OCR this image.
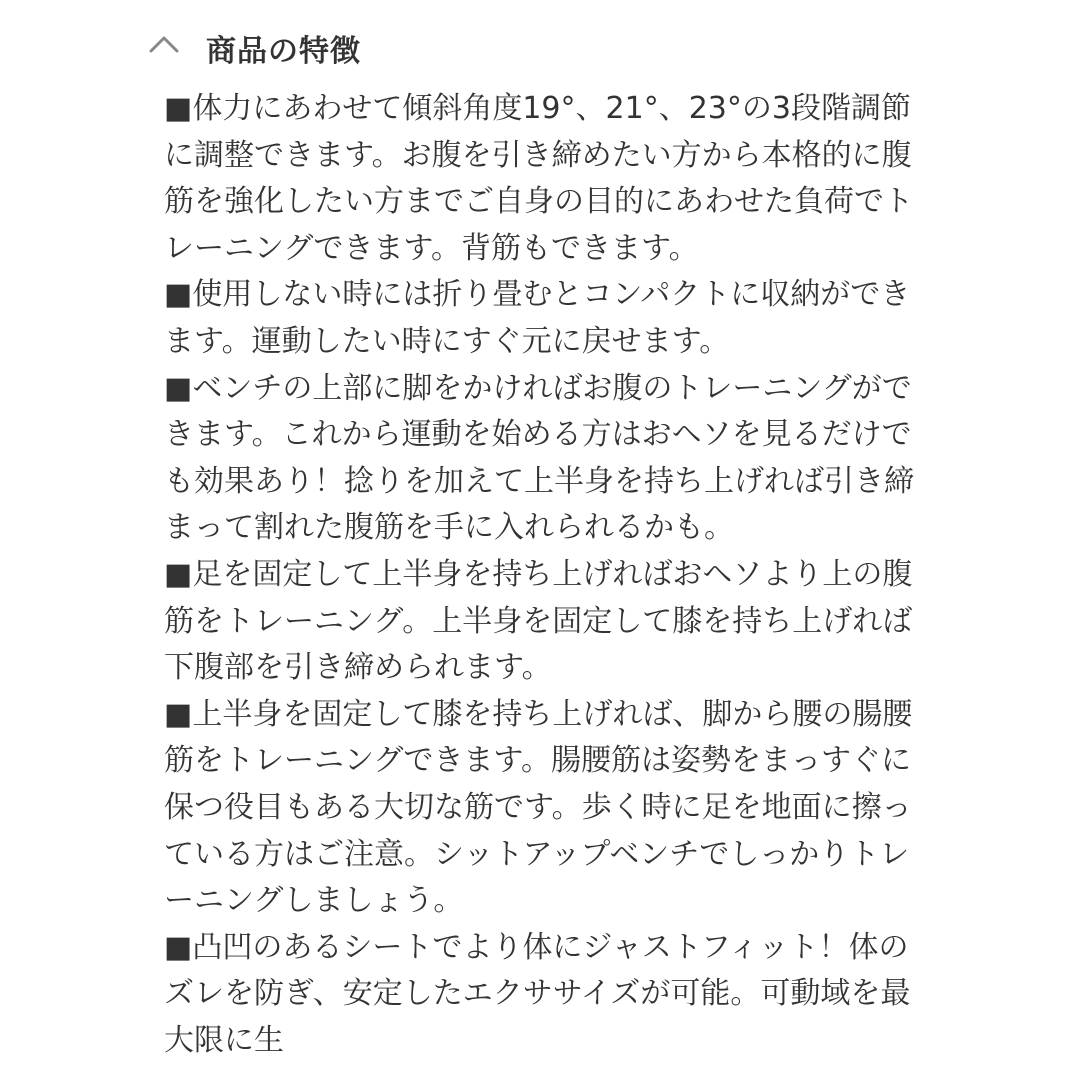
商品の特徴
■体力にあわせて傾斜角度19°、21°、23°の3段階調節に調整できます。お腹を引き締めたい方から本格的に腹筋を強化したい方までご自身の目的にあわせた負荷でトレーニングできます。背筋もできます。
■使用しない時には折り畳むとコンパクトに収納ができます。運動したい時にすぐ元に戻せます。
■ベンチの上部に脚をかければお腹のトレーニングができます。これから運動を始める方はおヘソを見るだけでも効果あり！捻りを加えて上半身を持ち上げれば引き締まって割れた腹筋を手に入れられるかも。
■足を固定して上半身を持ち上げればおヘソより上の腹筋をトレーニング。上半身を固定して膝を持ち上げれば下腹部を引き締められます。
■上半身を固定して膝を持ち上げれば、脚から腰の腸腰筋をトレーニングできます。腸腰筋は姿勢をまっすぐに保つ役目もある大切な筋です。歩く時に足を地面に擦っている方はご注意。シットアップベンチでしっかりトレーニングしましょう。
■凸凹のあるシートでより体にジャストフィット！体のズレを防ぎ、安定したエクササイズが可能。可動域を最大限に生
